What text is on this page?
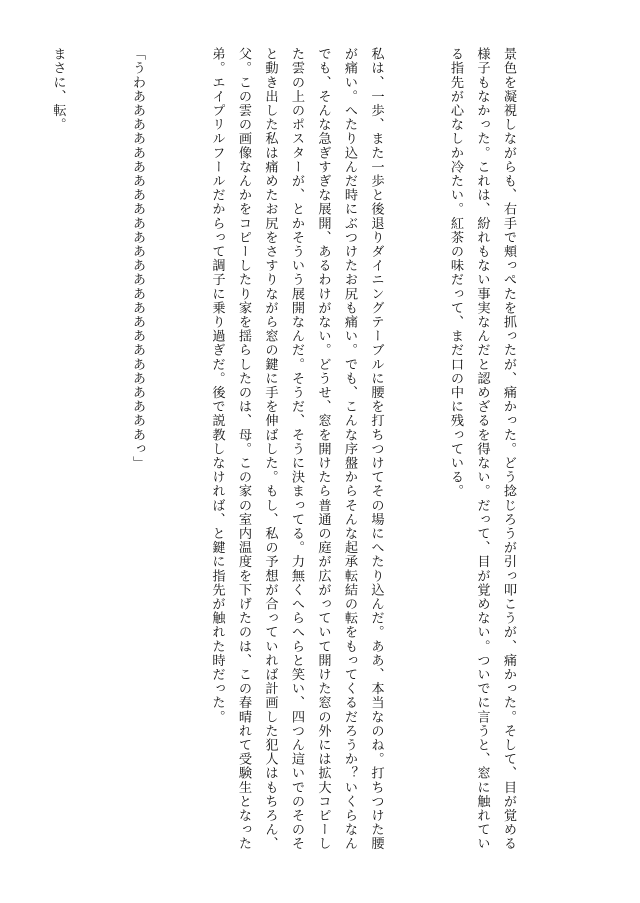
景色を凝視しながらも、右手で頬っぺたを抓ったが、痛かった。どう捻じろうが引っ叩こうが、痛かった。そして、目が覚める様子もなかった。これは、紛れもない事実なんだと認めざるを得ない。だって、目が覚めない。ついでに言うと、窓に触れている指先が心なしか冷たい。紅茶の味だって、まだ口の中に残っている。

私は、一歩、また一歩と後退りダイニングテーブルに腰を打ちつけてその場にへたり込んだ。ああ、本当なのね。打ちつけた腰が痛い。へたり込んだ時にぶつけたお尻も痛い。でも、こんな序盤からそんな起承転結の転をもってくるだろうか？いくらなんでも、そんな急ぎすぎな展開、あるわけがない。どうせ、窓を開けたら普通の庭が広がっていて開けた窓の外には拡大コピーした雲の上のポスターが、とかそういう展開なんだ。そうだ、そうに決まってる。力無くへらへらと笑い、四つん這いでのそのそと動き出した私は痛めたお尻をさすりながら窓の鍵に手を伸ばした。もし、私の予想が合っていれば計画した犯人はもちろん、父。この雲の画像なんかをコピーしたり家を揺らしたのは、母。この家の室内温度を下げたのは、この春晴れて受験生となった弟。エイプリルフールだからって調子に乗り過ぎだ。後で説教しなければ、と鍵に指先が触れた時だった。

「うわあああああああああああああああああああああああああっ」

まさに、転。
